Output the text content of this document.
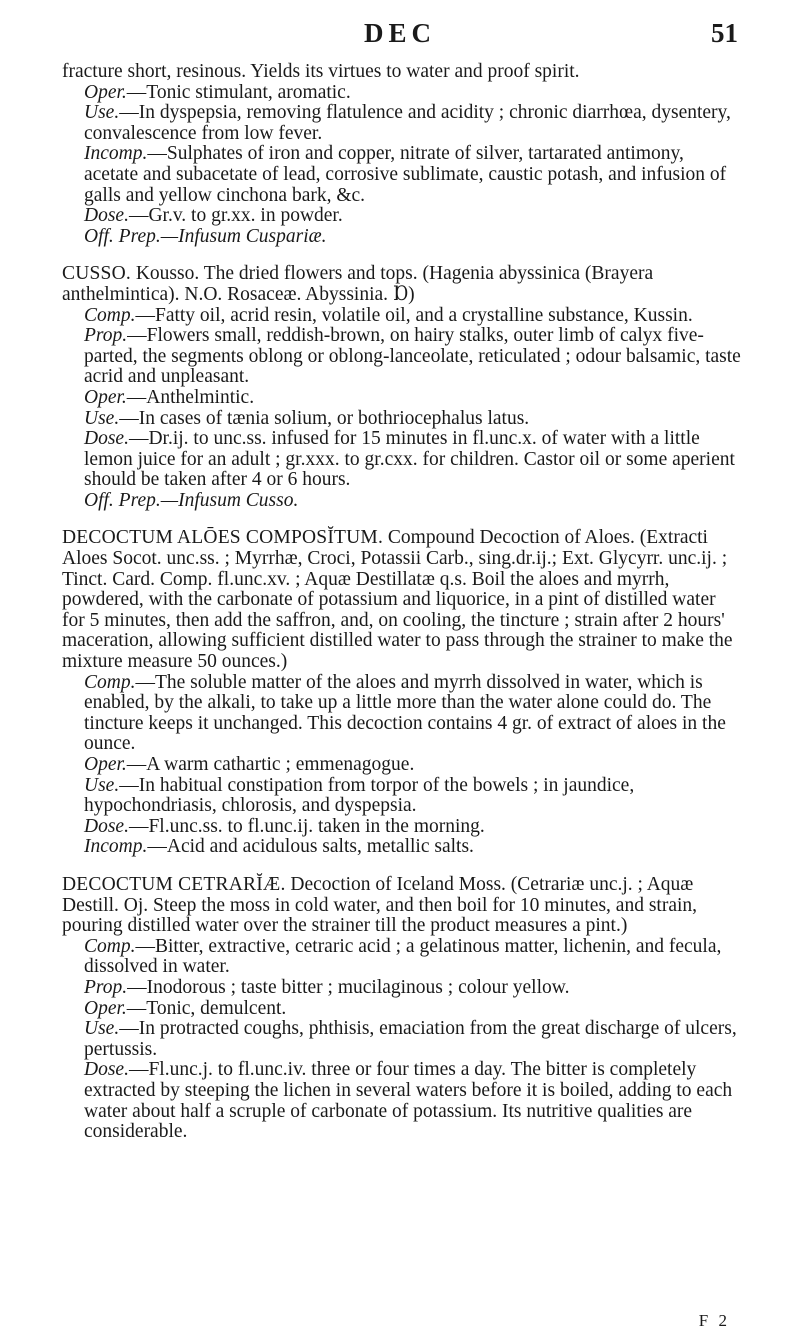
DEC	51

fracture short, resinous. Yields its virtues to water and proof spirit.

Oper.—Tonic stimulant, aromatic.

Use.—In dyspepsia, removing flatulence and acidity ; chronic diarrhœa, dysentery, convalescence from low fever.

Incomp.—Sulphates of iron and copper, nitrate of silver, tartarated antimony, acetate and subacetate of lead, corrosive sublimate, caustic potash, and infusion of galls and yellow cinchona bark, &c.

Dose.—Gr.v. to gr.xx. in powder.

Off. Prep.—Infusum Cuspariæ.

CUSSO. Kousso. The dried flowers and tops. (Hagenia abyssinica (Brayera anthelmintica). N.O. Rosaceæ. Abyssinia. Ɒ)

Comp.—Fatty oil, acrid resin, volatile oil, and a crystalline substance, Kussin.

Prop.—Flowers small, reddish-brown, on hairy stalks, outer limb of calyx five-parted, the segments oblong or oblong-lanceolate, reticulated ; odour balsamic, taste acrid and unpleasant.

Oper.—Anthelmintic.

Use.—In cases of tænia solium, or bothriocephalus latus.

Dose.—Dr.ij. to unc.ss. infused for 15 minutes in fl.unc.x. of water with a little lemon juice for an adult ; gr.xxx. to gr.cxx. for children. Castor oil or some aperient should be taken after 4 or 6 hours.

Off. Prep.—Infusum Cusso.

DECOCTUM ALŌES COMPOSĬTUM. Compound Decoction of Aloes. (Extracti Aloes Socot. unc.ss. ; Myrrhæ, Croci, Potassii Carb., sing.dr.ij.; Ext. Glycyrr. unc.ij. ; Tinct. Card. Comp. fl.unc.xv. ; Aquæ Destillatæ q.s. Boil the aloes and myrrh, powdered, with the carbonate of potassium and liquorice, in a pint of distilled water for 5 minutes, then add the saffron, and, on cooling, the tincture ; strain after 2 hours' maceration, allowing sufficient distilled water to pass through the strainer to make the mixture measure 50 ounces.)

Comp.—The soluble matter of the aloes and myrrh dissolved in water, which is enabled, by the alkali, to take up a little more than the water alone could do. The tincture keeps it unchanged. This decoction contains 4 gr. of extract of aloes in the ounce.

Oper.—A warm cathartic ; emmenagogue.

Use.—In habitual constipation from torpor of the bowels ; in jaundice, hypochondriasis, chlorosis, and dyspepsia.

Dose.—Fl.unc.ss. to fl.unc.ij. taken in the morning.

Incomp.—Acid and acidulous salts, metallic salts.

DECOCTUM CETRARĬÆ. Decoction of Iceland Moss. (Cetrariæ unc.j. ; Aquæ Destill. Oj. Steep the moss in cold water, and then boil for 10 minutes, and strain, pouring distilled water over the strainer till the product measures a pint.)

Comp.—Bitter, extractive, cetraric acid ; a gelatinous matter, lichenin, and fecula, dissolved in water.

Prop.—Inodorous ; taste bitter ; mucilaginous ; colour yellow.

Oper.—Tonic, demulcent.

Use.—In protracted coughs, phthisis, emaciation from the great discharge of ulcers, pertussis.

Dose.—Fl.unc.j. to fl.unc.iv. three or four times a day. The bitter is completely extracted by steeping the lichen in several waters before it is boiled, adding to each water about half a scruple of carbonate of potassium. Its nutritive qualities are considerable.

F 2
